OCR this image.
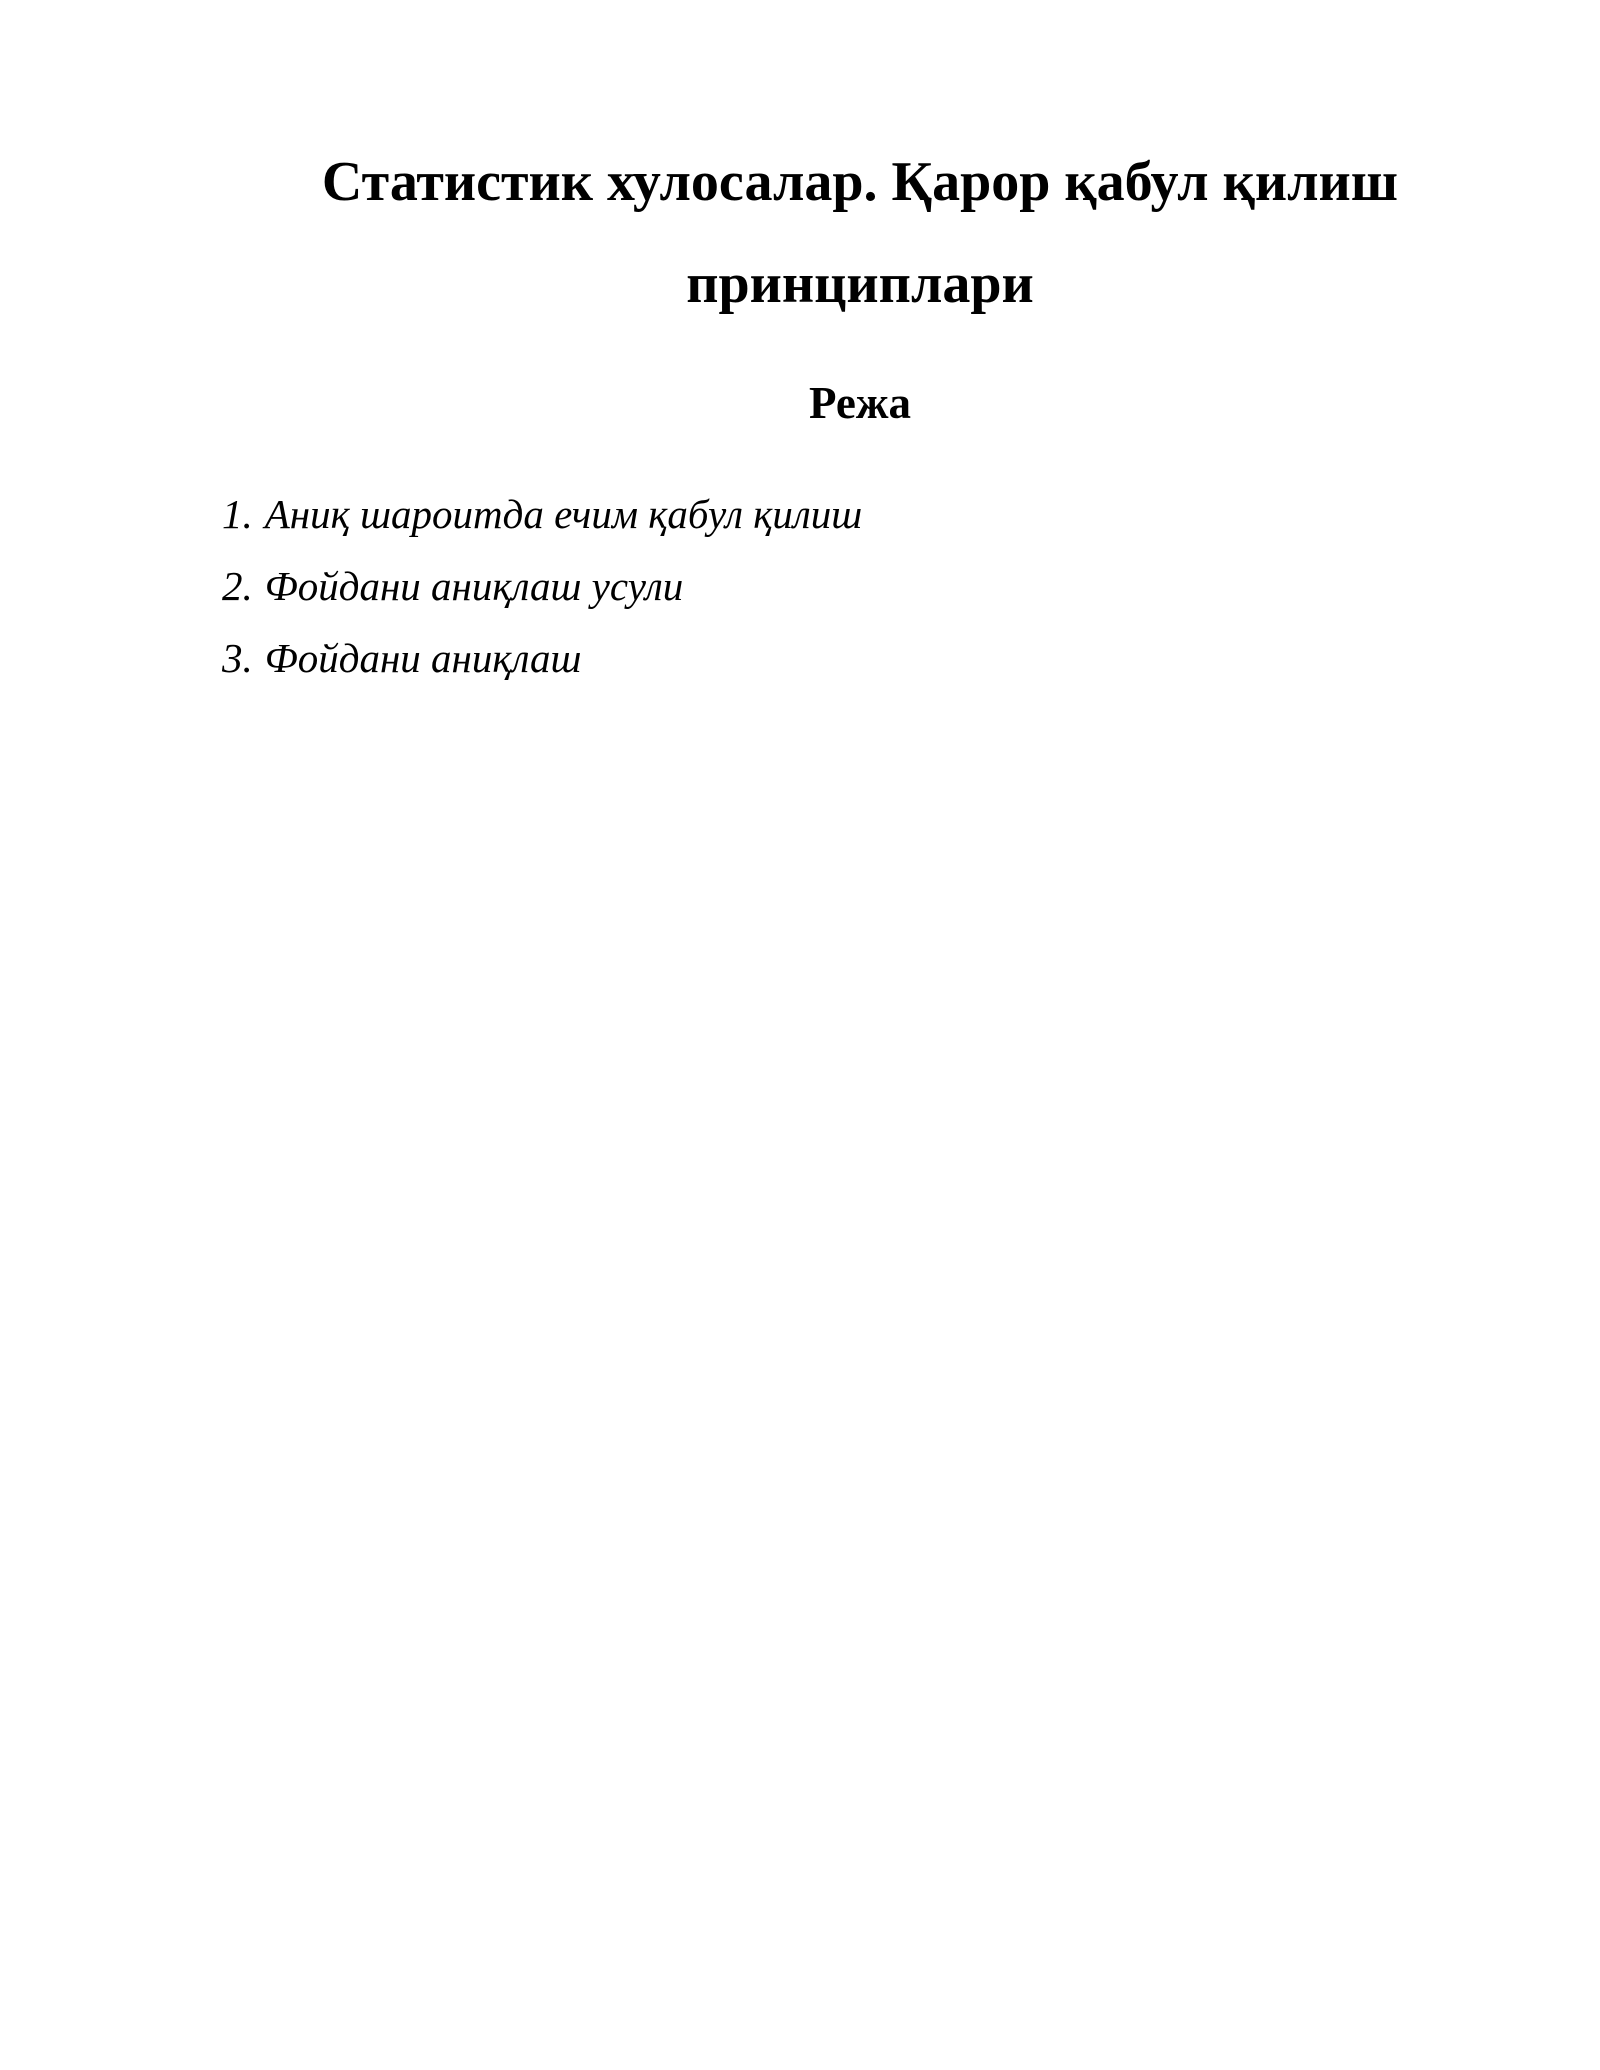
Статистик хулосалар. Қарор қабул қилиш
принциплари
Режа
1. Аниқ шароитда ечим қабул қилиш
2. Фойдани аниқлаш усули
3. Фойдани аниқлаш
